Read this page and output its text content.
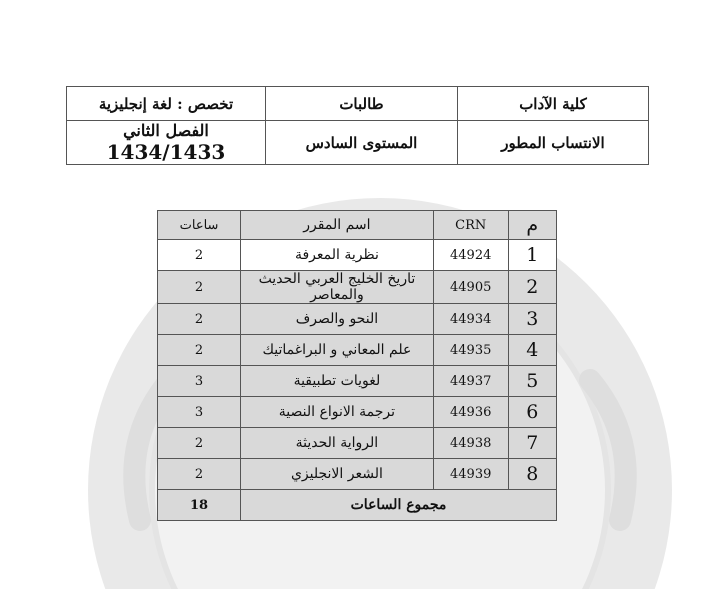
كلية الآداب	طالبات	تخصص : لغة إنجليزية
الانتساب المطور	المستوى السادس	الفصل الثاني 1434/1433
م	CRN	اسم المقرر	ساعات
1	44924	نظرية المعرفة	2
2	44905	تاريخ الخليج العربي الحديث والمعاصر	2
3	44934	النحو والصرف	2
4	44935	علم المعاني و البراغماتيك	2
5	44937	لغويات تطبيقية	3
6	44936	ترجمة الانواع النصية	3
7	44938	الرواية الحديثة	2
8	44939	الشعر الانجليزي	2
مجموع الساعات			18
